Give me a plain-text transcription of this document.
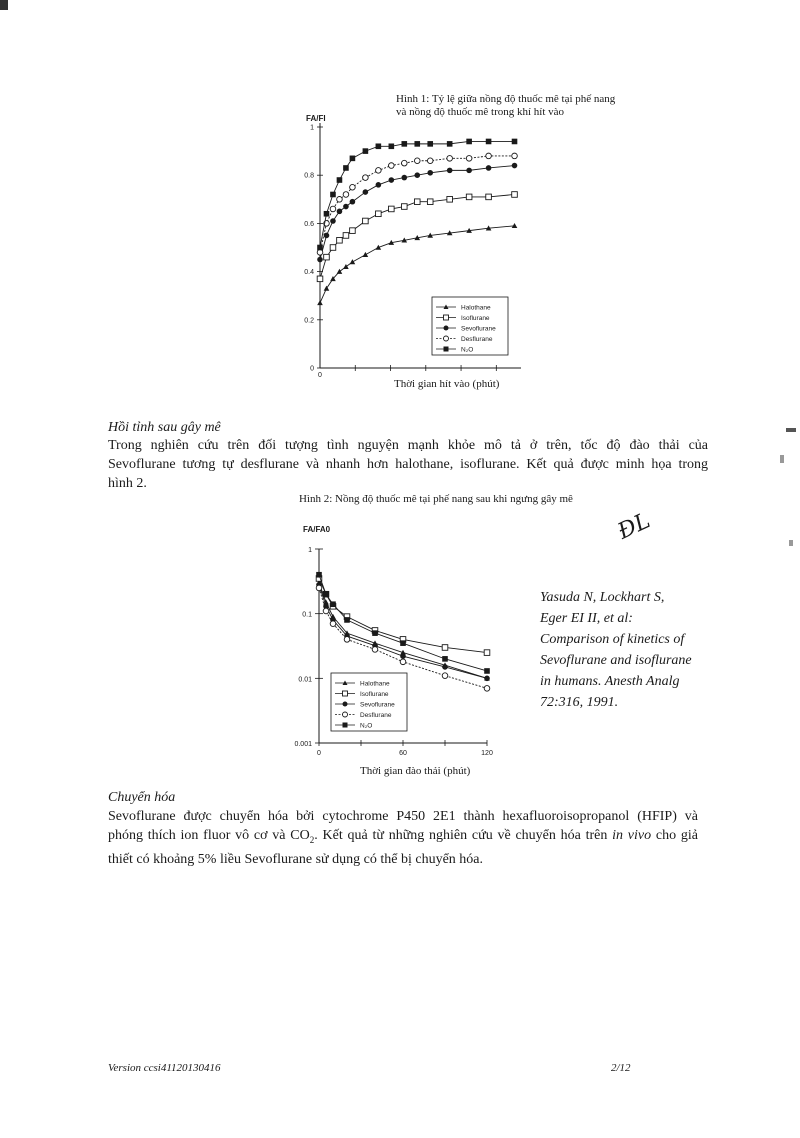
Hình 1: Tỷ lệ giữa nồng độ thuốc mê tại phế nang
và nồng độ thuốc mê trong khí hít vào
0
0.2
0.4
0.6
0.8
1
0
Halothane
Isoflurane
Sevoflurane
Desflurane
N₂O
FA/FI
Thời gian hít vào (phút)
Hồi tỉnh sau gây mê
Trong nghiên cứu trên đối tượng tình nguyện mạnh khỏe mô tả ở trên, tốc độ đào thải của
Sevoflurane tương tự desflurane và nhanh hơn halothane, isoflurane. Kết quả được minh họa trong
hình 2.
Hình 2: Nồng độ thuốc mê tại phế nang sau khi ngưng gây mê
FA/FA0
0.001
0.01
0.1
1
0	60	120
Halothane
Isoflurane
Sevoflurane
Desflurane
N₂O
Thời gian đào thải (phút)
ĐL
Yasuda N, Lockhart S,
Eger EI II, et al:
Comparison of kinetics of
Sevoflurane and isoflurane
in humans. Anesth Analg
72:316, 1991.
Chuyển hóa
Sevoflurane được chuyển hóa bởi cytochrome P450 2E1 thành hexafluoroisopropanol (HFIP) và
phóng thích ion fluor vô cơ và $CO_2$. Kết quả từ những nghiên cứu về chuyển hóa trên in vivo cho giả
thiết có khoảng 5% liều Sevoflurane sử dụng có thể bị chuyển hóa.
Version ccsi41120130416	2/12
